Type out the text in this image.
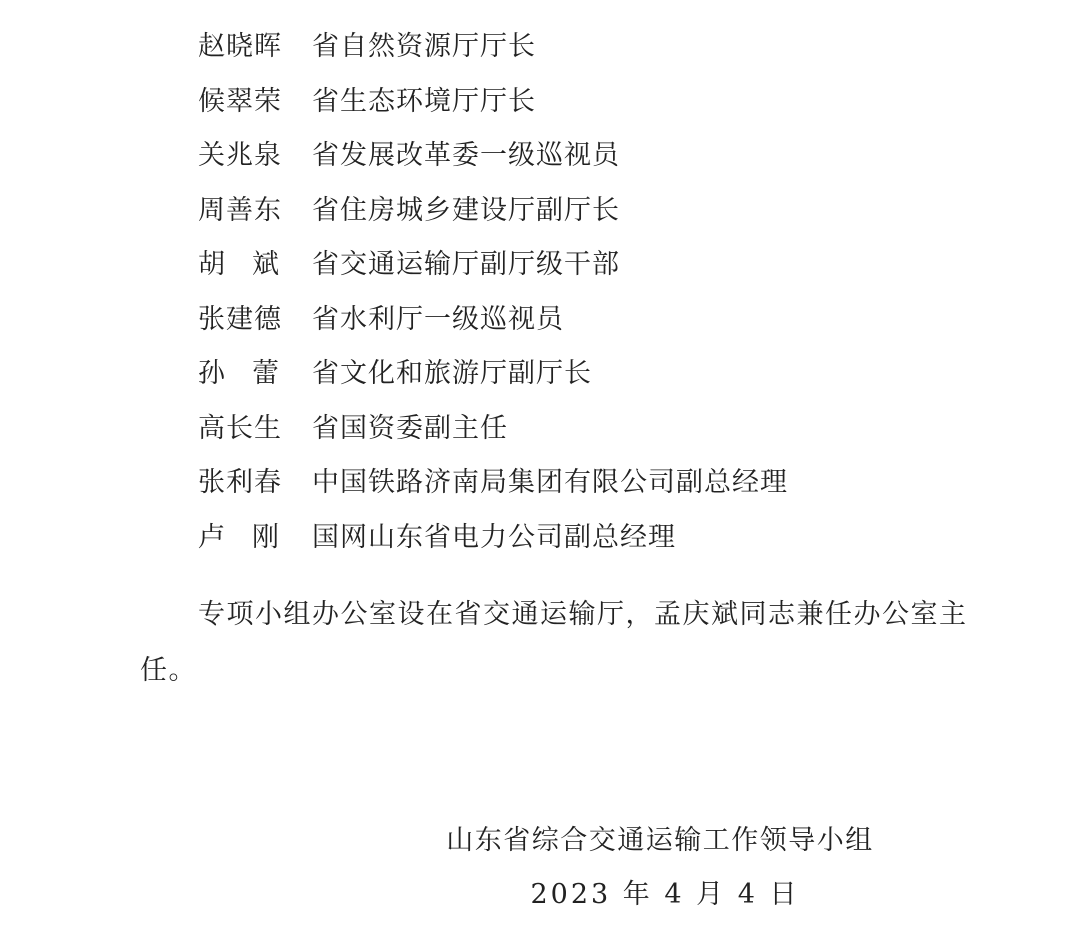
赵晓晖	省自然资源厅厅长
候翠荣	省生态环境厅厅长
关兆泉	省发展改革委一级巡视员
周善东	省住房城乡建设厅副厅长
胡　斌	省交通运输厅副厅级干部
张建德	省水利厅一级巡视员
孙　蕾	省文化和旅游厅副厅长
高长生	省国资委副主任
张利春	中国铁路济南局集团有限公司副总经理
卢　刚	国网山东省电力公司副总经理

专项小组办公室设在省交通运输厅，孟庆斌同志兼任办公室主任。

山东省综合交通运输工作领导小组
2023 年 4 月 4 日
